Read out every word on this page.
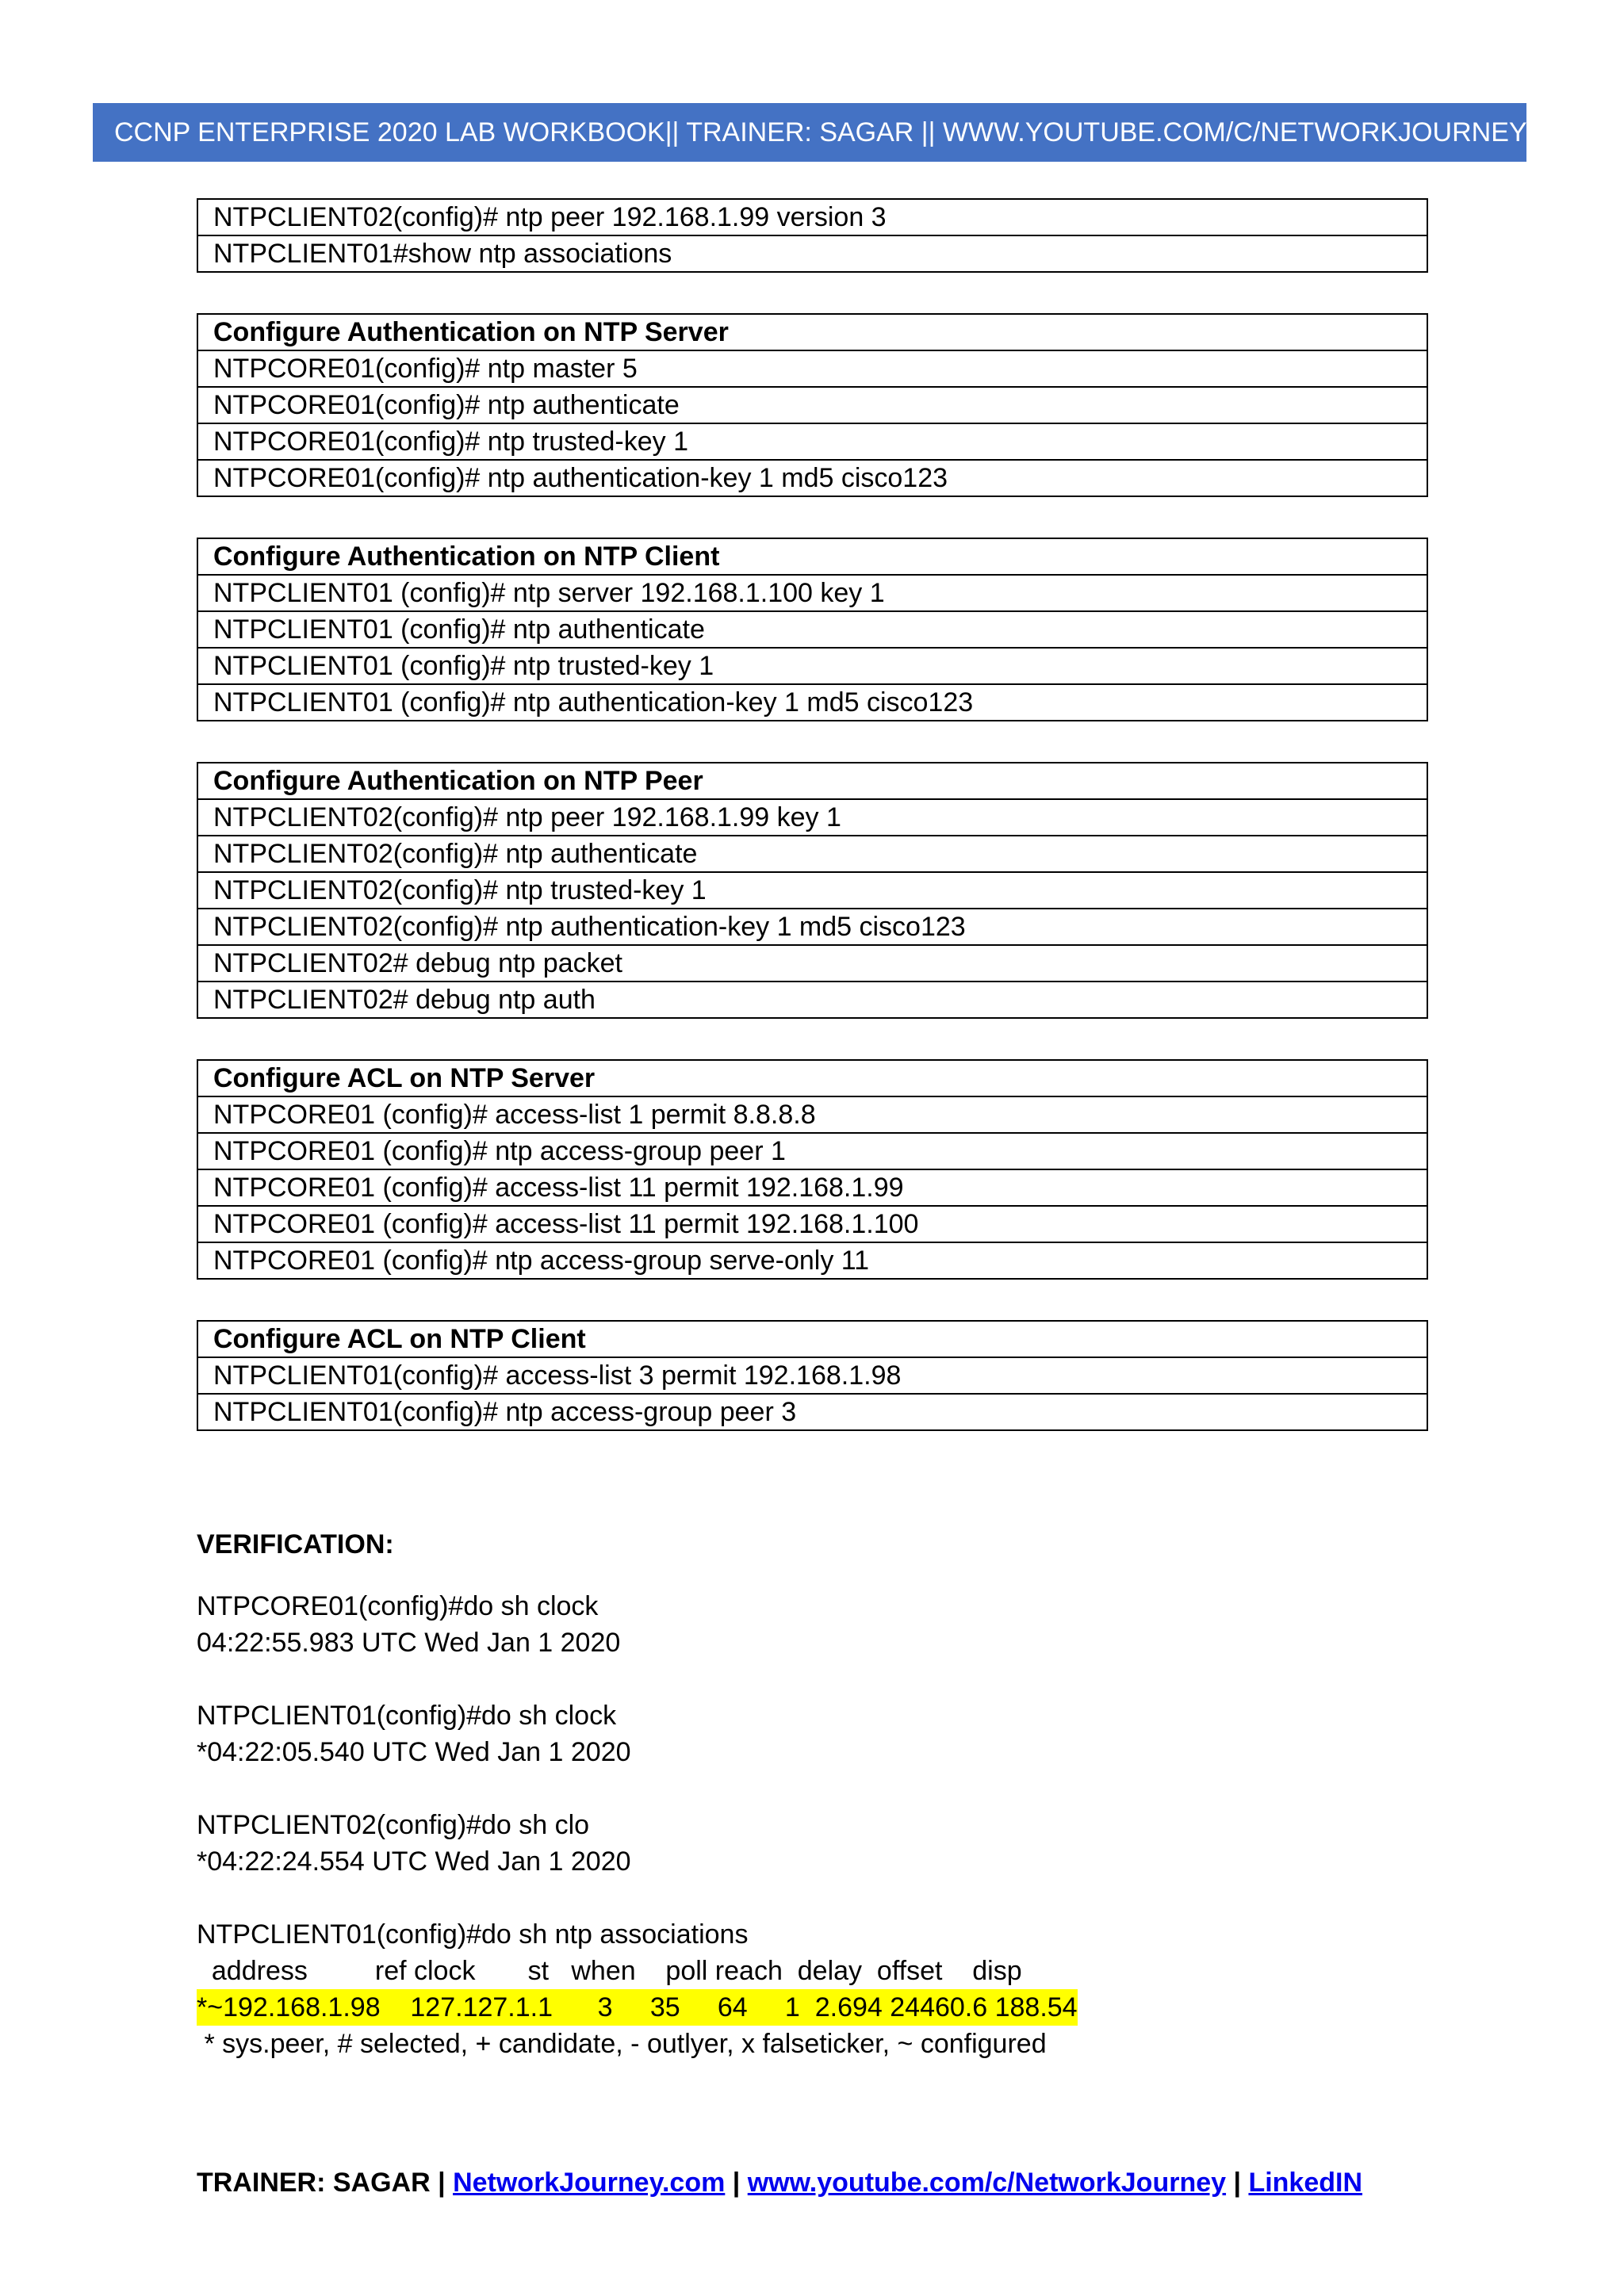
CCNP ENTERPRISE 2020 LAB WORKBOOK|| TRAINER: SAGAR || WWW.YOUTUBE.COM/C/NETWORKJOURNEY
NTPCLIENT02(config)# ntp peer 192.168.1.99 version 3
NTPCLIENT01#show ntp associations
Configure Authentication on NTP Server
NTPCORE01(config)# ntp master 5
NTPCORE01(config)# ntp authenticate
NTPCORE01(config)# ntp trusted-key 1
NTPCORE01(config)# ntp authentication-key 1 md5 cisco123
Configure Authentication on NTP Client
NTPCLIENT01 (config)# ntp server 192.168.1.100 key 1
NTPCLIENT01 (config)# ntp authenticate
NTPCLIENT01 (config)# ntp trusted-key 1
NTPCLIENT01 (config)# ntp authentication-key 1 md5 cisco123
Configure Authentication on NTP Peer
NTPCLIENT02(config)# ntp peer 192.168.1.99 key 1
NTPCLIENT02(config)# ntp authenticate
NTPCLIENT02(config)# ntp trusted-key 1
NTPCLIENT02(config)# ntp authentication-key 1 md5 cisco123
NTPCLIENT02# debug ntp packet
NTPCLIENT02# debug ntp auth
Configure ACL on NTP Server
NTPCORE01 (config)# access-list 1 permit 8.8.8.8
NTPCORE01 (config)# ntp access-group peer 1
NTPCORE01 (config)# access-list 11 permit 192.168.1.99
NTPCORE01 (config)# access-list 11 permit 192.168.1.100
NTPCORE01 (config)# ntp access-group serve-only 11
Configure ACL on NTP Client
NTPCLIENT01(config)# access-list 3 permit 192.168.1.98
NTPCLIENT01(config)# ntp access-group peer 3
VERIFICATION:
NTPCORE01(config)#do sh clock
04:22:55.983 UTC Wed Jan 1 2020
NTPCLIENT01(config)#do sh clock
*04:22:05.540 UTC Wed Jan 1 2020
NTPCLIENT02(config)#do sh clo
*04:22:24.554 UTC Wed Jan 1 2020
NTPCLIENT01(config)#do sh ntp associations
address         ref clock       st   when    poll reach  delay  offset    disp
*~192.168.1.98    127.127.1.1      3     35     64     1  2.694 24460.6 188.54
* sys.peer, # selected, + candidate, - outlyer, x falseticker, ~ configured
TRAINER: SAGAR | NetworkJourney.com | www.youtube.com/c/NetworkJourney | LinkedIN
